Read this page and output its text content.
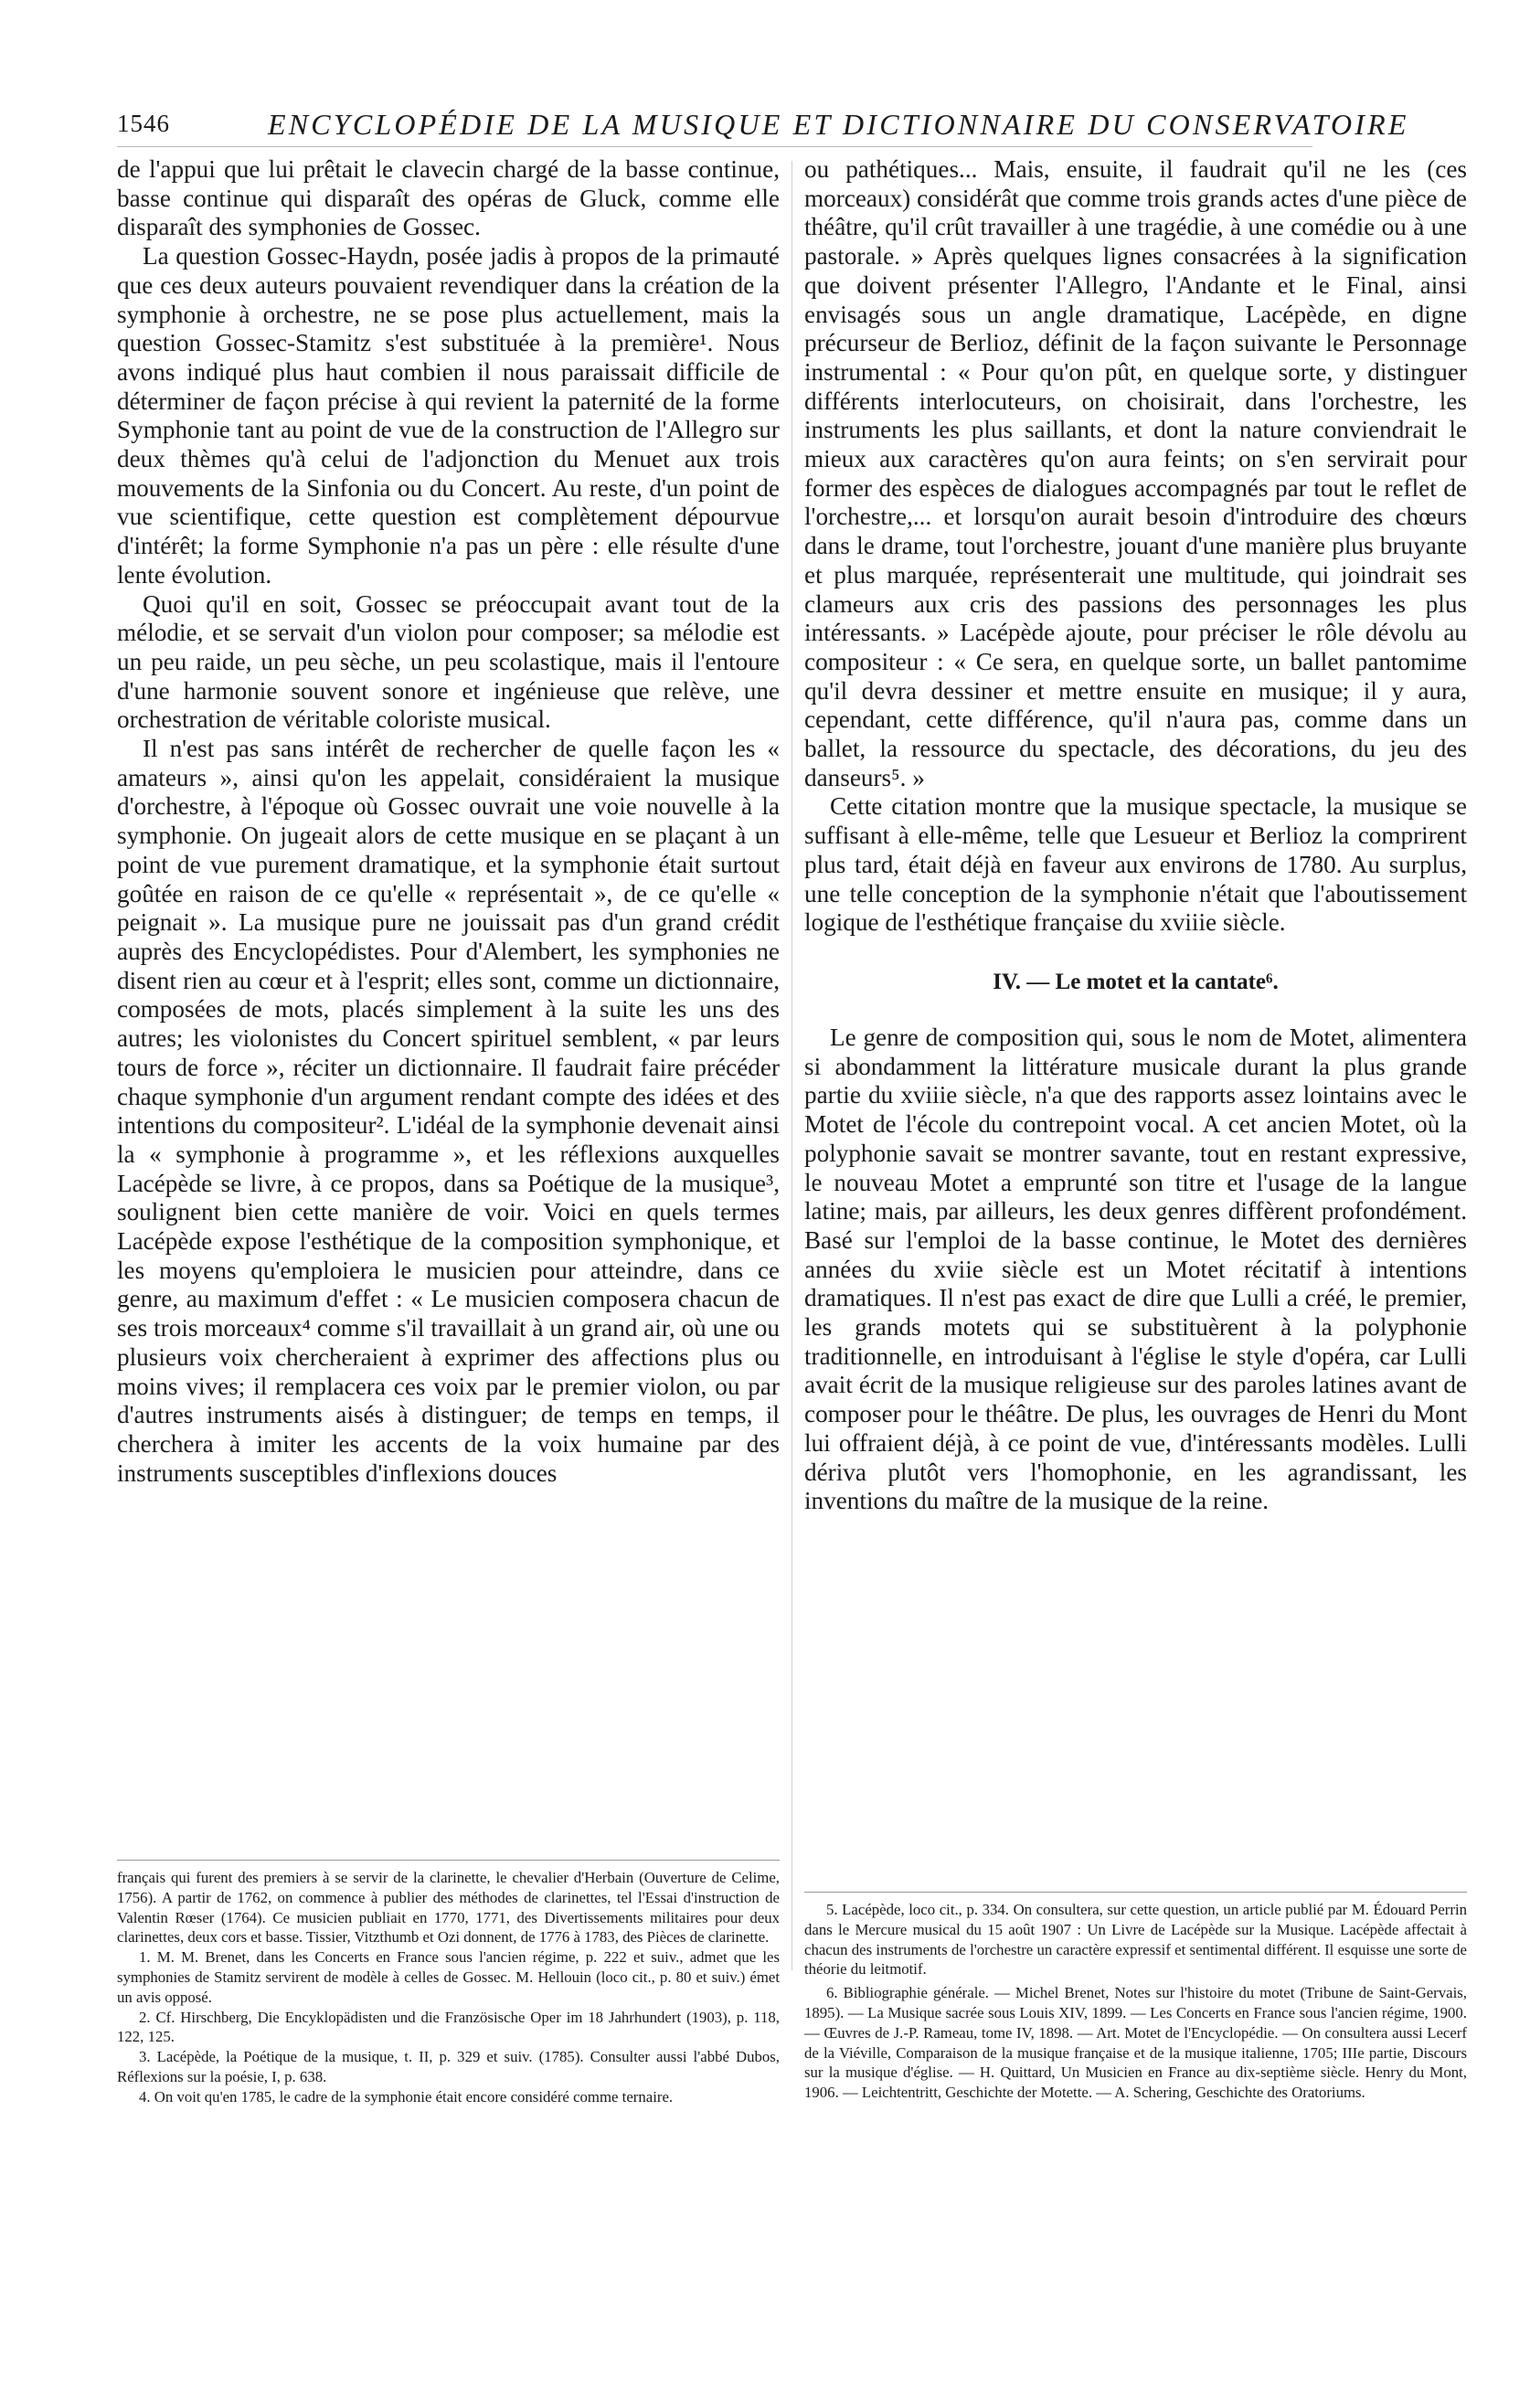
1546	ENCYCLOPÉDIE DE LA MUSIQUE ET DICTIONNAIRE DU CONSERVATOIRE

de l'appui que lui prêtait le clavecin chargé de la basse continue, basse continue qui disparaît des opéras de Gluck, comme elle disparaît des symphonies de Gossec.

La question Gossec-Haydn, posée jadis à propos de la primauté que ces deux auteurs pouvaient revendiquer dans la création de la symphonie à orchestre, ne se pose plus actuellement, mais la question Gossec-Stamitz s'est substituée à la première¹. Nous avons indiqué plus haut combien il nous paraissait difficile de déterminer de façon précise à qui revient la paternité de la forme Symphonie tant au point de vue de la construction de l'Allegro sur deux thèmes qu'à celui de l'adjonction du Menuet aux trois mouvements de la Sinfonia ou du Concert. Au reste, d'un point de vue scientifique, cette question est complètement dépourvue d'intérêt; la forme Symphonie n'a pas un père : elle résulte d'une lente évolution.

Quoi qu'il en soit, Gossec se préoccupait avant tout de la mélodie, et se servait d'un violon pour composer; sa mélodie est un peu raide, un peu sèche, un peu scolastique, mais il l'entoure d'une harmonie souvent sonore et ingénieuse que relève, une orchestration de véritable coloriste musical.

Il n'est pas sans intérêt de rechercher de quelle façon les « amateurs », ainsi qu'on les appelait, considéraient la musique d'orchestre, à l'époque où Gossec ouvrait une voie nouvelle à la symphonie. On jugeait alors de cette musique en se plaçant à un point de vue purement dramatique, et la symphonie était surtout goûtée en raison de ce qu'elle « représentait », de ce qu'elle « peignait ». La musique pure ne jouissait pas d'un grand crédit auprès des Encyclopédistes. Pour d'Alembert, les symphonies ne disent rien au cœur et à l'esprit; elles sont, comme un dictionnaire, composées de mots, placés simplement à la suite les uns des autres; les violonistes du Concert spirituel semblent, « par leurs tours de force », réciter un dictionnaire. Il faudrait faire précéder chaque symphonie d'un argument rendant compte des idées et des intentions du compositeur². L'idéal de la symphonie devenait ainsi la « symphonie à programme », et les réflexions auxquelles Lacépède se livre, à ce propos, dans sa Poétique de la musique³, soulignent bien cette manière de voir. Voici en quels termes Lacépède expose l'esthétique de la composition symphonique, et les moyens qu'emploiera le musicien pour atteindre, dans ce genre, au maximum d'effet : « Le musicien composera chacun de ses trois morceaux⁴ comme s'il travaillait à un grand air, où une ou plusieurs voix chercheraient à exprimer des affections plus ou moins vives; il remplacera ces voix par le premier violon, ou par d'autres instruments aisés à distinguer; de temps en temps, il cherchera à imiter les accents de la voix humaine par des instruments susceptibles d'inflexions douces

ou pathétiques... Mais, ensuite, il faudrait qu'il ne les (ces morceaux) considérât que comme trois grands actes d'une pièce de théâtre, qu'il crût travailler à une tragédie, à une comédie ou à une pastorale. » Après quelques lignes consacrées à la signification que doivent présenter l'Allegro, l'Andante et le Final, ainsi envisagés sous un angle dramatique, Lacépède, en digne précurseur de Berlioz, définit de la façon suivante le Personnage instrumental : « Pour qu'on pût, en quelque sorte, y distinguer différents interlocuteurs, on choisirait, dans l'orchestre, les instruments les plus saillants, et dont la nature conviendrait le mieux aux caractères qu'on aura feints; on s'en servirait pour former des espèces de dialogues accompagnés par tout le reflet de l'orchestre,... et lorsqu'on aurait besoin d'introduire des chœurs dans le drame, tout l'orchestre, jouant d'une manière plus bruyante et plus marquée, représenterait une multitude, qui joindrait ses clameurs aux cris des passions des personnages les plus intéressants. » Lacépède ajoute, pour préciser le rôle dévolu au compositeur : « Ce sera, en quelque sorte, un ballet pantomime qu'il devra dessiner et mettre ensuite en musique; il y aura, cependant, cette différence, qu'il n'aura pas, comme dans un ballet, la ressource du spectacle, des décorations, du jeu des danseurs⁵. »

Cette citation montre que la musique spectacle, la musique se suffisant à elle-même, telle que Lesueur et Berlioz la comprirent plus tard, était déjà en faveur aux environs de 1780. Au surplus, une telle conception de la symphonie n'était que l'aboutissement logique de l'esthétique française du xviiie siècle.

IV. — Le motet et la cantate⁶.

Le genre de composition qui, sous le nom de Motet, alimentera si abondamment la littérature musicale durant la plus grande partie du xviiie siècle, n'a que des rapports assez lointains avec le Motet de l'école du contrepoint vocal. A cet ancien Motet, où la polyphonie savait se montrer savante, tout en restant expressive, le nouveau Motet a emprunté son titre et l'usage de la langue latine; mais, par ailleurs, les deux genres diffèrent profondément. Basé sur l'emploi de la basse continue, le Motet des dernières années du xviie siècle est un Motet récitatif à intentions dramatiques. Il n'est pas exact de dire que Lulli a créé, le premier, les grands motets qui se substituèrent à la polyphonie traditionnelle, en introduisant à l'église le style d'opéra, car Lulli avait écrit de la musique religieuse sur des paroles latines avant de composer pour le théâtre. De plus, les ouvrages de Henri du Mont lui offraient déjà, à ce point de vue, d'intéressants modèles. Lulli dériva plutôt vers l'homophonie, en les agrandissant, les inventions du maître de la musique de la reine.

français qui furent des premiers à se servir de la clarinette, le chevalier d'Herbain (Ouverture de Celime, 1756). A partir de 1762, on commence à publier des méthodes de clarinettes, tel l'Essai d'instruction de Valentin Rœser (1764). Ce musicien publiait en 1770, 1771, des Divertissements militaires pour deux clarinettes, deux cors et basse. Tissier, Vitzthumb et Ozi donnent, de 1776 à 1783, des Pièces de clarinette.

1. M. M. Brenet, dans les Concerts en France sous l'ancien régime, p. 222 et suiv., admet que les symphonies de Stamitz servirent de modèle à celles de Gossec. M. Hellouin (loco cit., p. 80 et suiv.) émet un avis opposé.

2. Cf. Hirschberg, Die Encyklopädisten und die Französische Oper im 18 Jahrhundert (1903), p. 118, 122, 125.

3. Lacépède, la Poétique de la musique, t. II, p. 329 et suiv. (1785). Consulter aussi l'abbé Dubos, Réflexions sur la poésie, I, p. 638.

4. On voit qu'en 1785, le cadre de la symphonie était encore considéré comme ternaire.

5. Lacépède, loco cit., p. 334. On consultera, sur cette question, un article publié par M. Édouard Perrin dans le Mercure musical du 15 août 1907 : Un Livre de Lacépède sur la Musique. Lacépède affectait à chacun des instruments de l'orchestre un caractère expressif et sentimental différent. Il esquisse une sorte de théorie du leitmotif.

6. Bibliographie générale. — Michel Brenet, Notes sur l'histoire du motet (Tribune de Saint-Gervais, 1895). — La Musique sacrée sous Louis XIV, 1899. — Les Concerts en France sous l'ancien régime, 1900. — Œuvres de J.-P. Rameau, tome IV, 1898. — Art. Motet de l'Encyclopédie. — On consultera aussi Lecerf de la Viéville, Comparaison de la musique française et de la musique italienne, 1705; IIIe partie, Discours sur la musique d'église. — H. Quittard, Un Musicien en France au dix-septième siècle. Henry du Mont, 1906. — Leichtentritt, Geschichte der Motette. — A. Schering, Geschichte des Oratoriums.
